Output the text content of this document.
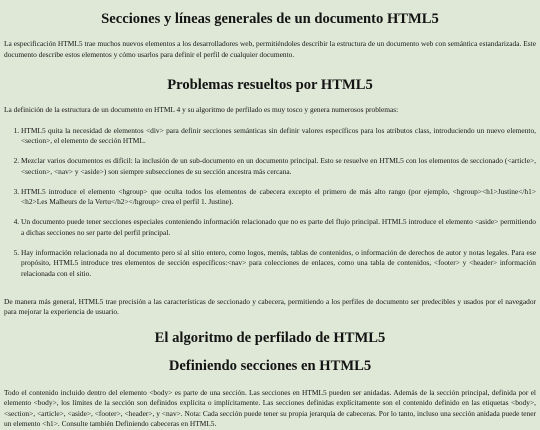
Secciones y líneas generales de un documento HTML5

La especificación HTML5 trae muchos nuevos elementos a los desarrolladores web, permitiéndoles describir la estructura de un documento web con semántica estandarizada. Este documento describe estos elementos y cómo usarlos para definir el perfil de cualquier documento.

Problemas resueltos por HTML5

La definición de la estructura de un documento en HTML 4 y su algoritmo de perfilado es muy tosco y genera numerosos problemas:

1. HTML5 quita la necesidad de elementos <div> para definir secciones semánticas sin definir valores específicos para los atributos class, introduciendo un nuevo elemento, <section>, el elemento de sección HTML.
2. Mezclar varios documentos es difícil: la inclusión de un sub-documento en un documento principal. Esto se resuelve en HTML5 con los elementos de seccionado (<article>, <section>, <nav> y <aside>) son siempre subsecciones de su sección ancestra más cercana.
3. HTML5 introduce el elemento <hgroup> que oculta todos los elementos de cabecera excepto el primero de más alto rango (por ejemplo, <hgroup><h1>Justine</h1><h2>Les Malheurs de la Vertu</h2></hgroup> crea el perfil 1. Justine).
4. Un documento puede tener secciones especiales conteniendo información relacionado que no es parte del flujo principal. HTML5 introduce el elemento <aside> permitiendo a dichas secciones no ser parte del perfil principal.
5. Hay información relacionada no al documento pero sí al sitio entero, como logos, menús, tablas de contenidos, o información de derechos de autor y notas legales. Para ese propósito, HTML5 introduce tres elementos de sección específicos:<nav> para colecciones de enlaces, como una tabla de contenidos, <footer> y <header> información relacionada con el sitio.

De manera más general, HTML5 trae precisión a las características de seccionado y cabecera, permitiendo a los perfiles de documento ser predecibles y usados por el navegador para mejorar la experiencia de usuario.

El algoritmo de perfilado de HTML5
Definiendo secciones en HTML5

Todo el contenido incluido dentro del elemento <body> es parte de una sección. Las secciones en HTML5 pueden ser anidadas. Además de la sección principal, definida por el elemento <body>, los límites de la sección son definidos explícita o implícitamente. Las secciones definidas explícitamente son el contenido definido en las etiquetas <body>, <section>, <article>, <aside>, <footer>, <header>, y <nav>. Nota: Cada sección puede tener su propia jerarquía de cabeceras. Por lo tanto, incluso una sección anidada puede tener un elemento <h1>. Consulte también Definiendo cabeceras en HTML5.
